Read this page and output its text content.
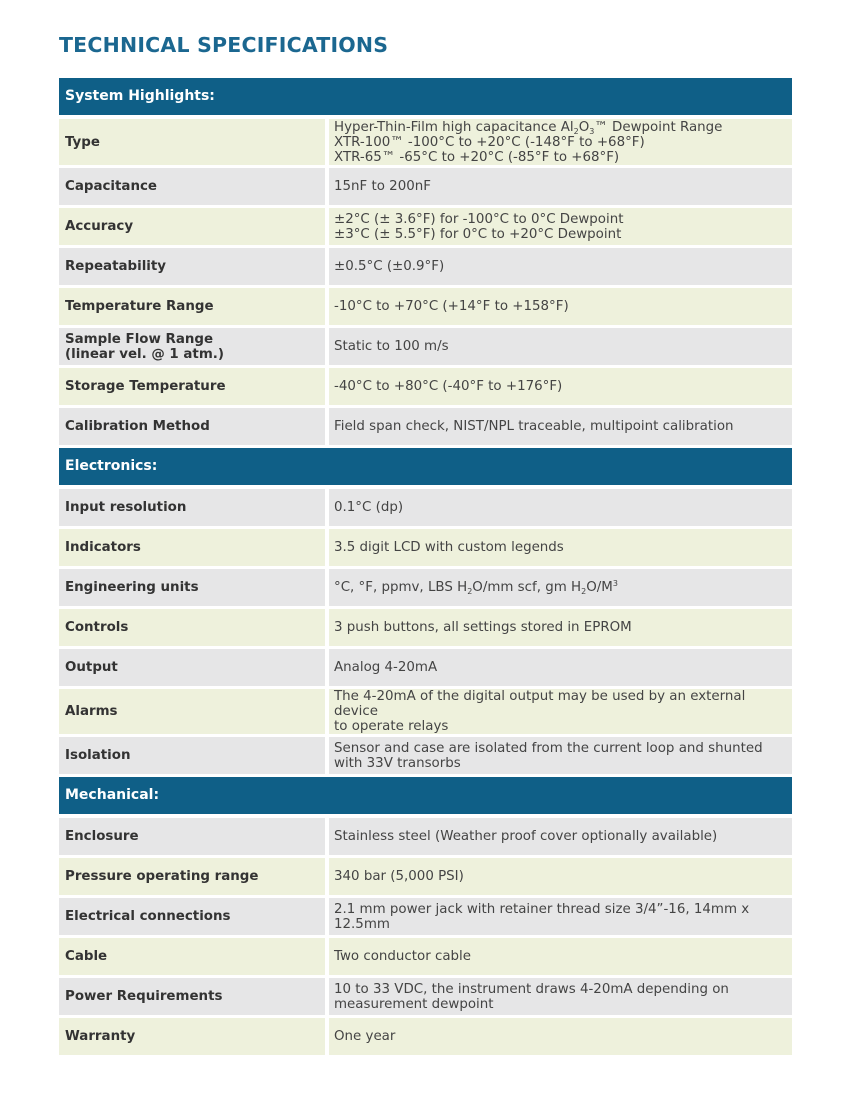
TECHNICAL SPECIFICATIONS
System Highlights:	
Type	Hyper-Thin-Film high capacitance $Al_2O_3™$ Dewpoint Range
XTR-100™ -100°C to +20°C (-148°F to +68°F)
XTR-65™ -65°C to +20°C (-85°F to +68°F)

Capacitance	15nF to 200nF
Accuracy	±2°C (± 3.6°F) for -100°C to 0°C Dewpoint
±3°C (± 5.5°F) for 0°C to +20°C Dewpoint

Repeatability	±0.5°C (±0.9°F)
Temperature Range	-10°C to +70°C (+14°F to +158°F)

Sample Flow Range
(linear vel. @ 1 atm.)	Static to 100 m/s
Storage Temperature	-40°C to +80°C (-40°F to +176°F)
Calibration Method	Field span check, NIST/NPL traceable, multipoint calibration
Electronics:	
Input resolution	0.1°C (dp)
Indicators	3.5 digit LCD with custom legends
Engineering units	°C, °F, ppmv, LBS $H_2O/mm$ scf, gm $H_2O/M^3$
Controls	3 push buttons, all settings stored in EPROM
Output	Analog 4-20mA
Alarms	The 4-20mA of the digital output may be used by an external device
to operate relays

Isolation	Sensor and case are isolated from the current loop and shunted
with 33V transorbs

Mechanical:	
Enclosure	Stainless steel (Weather proof cover optionally available)
Pressure operating range	340 bar (5,000 PSI)
Electrical connections	2.1 mm power jack with retainer thread size 3/4”-16, 14mm x 12.5mm
Cable	Two conductor cable
Power Requirements	10 to 33 VDC, the instrument draws 4-20mA depending on
measurement dewpoint

Warranty	One year
